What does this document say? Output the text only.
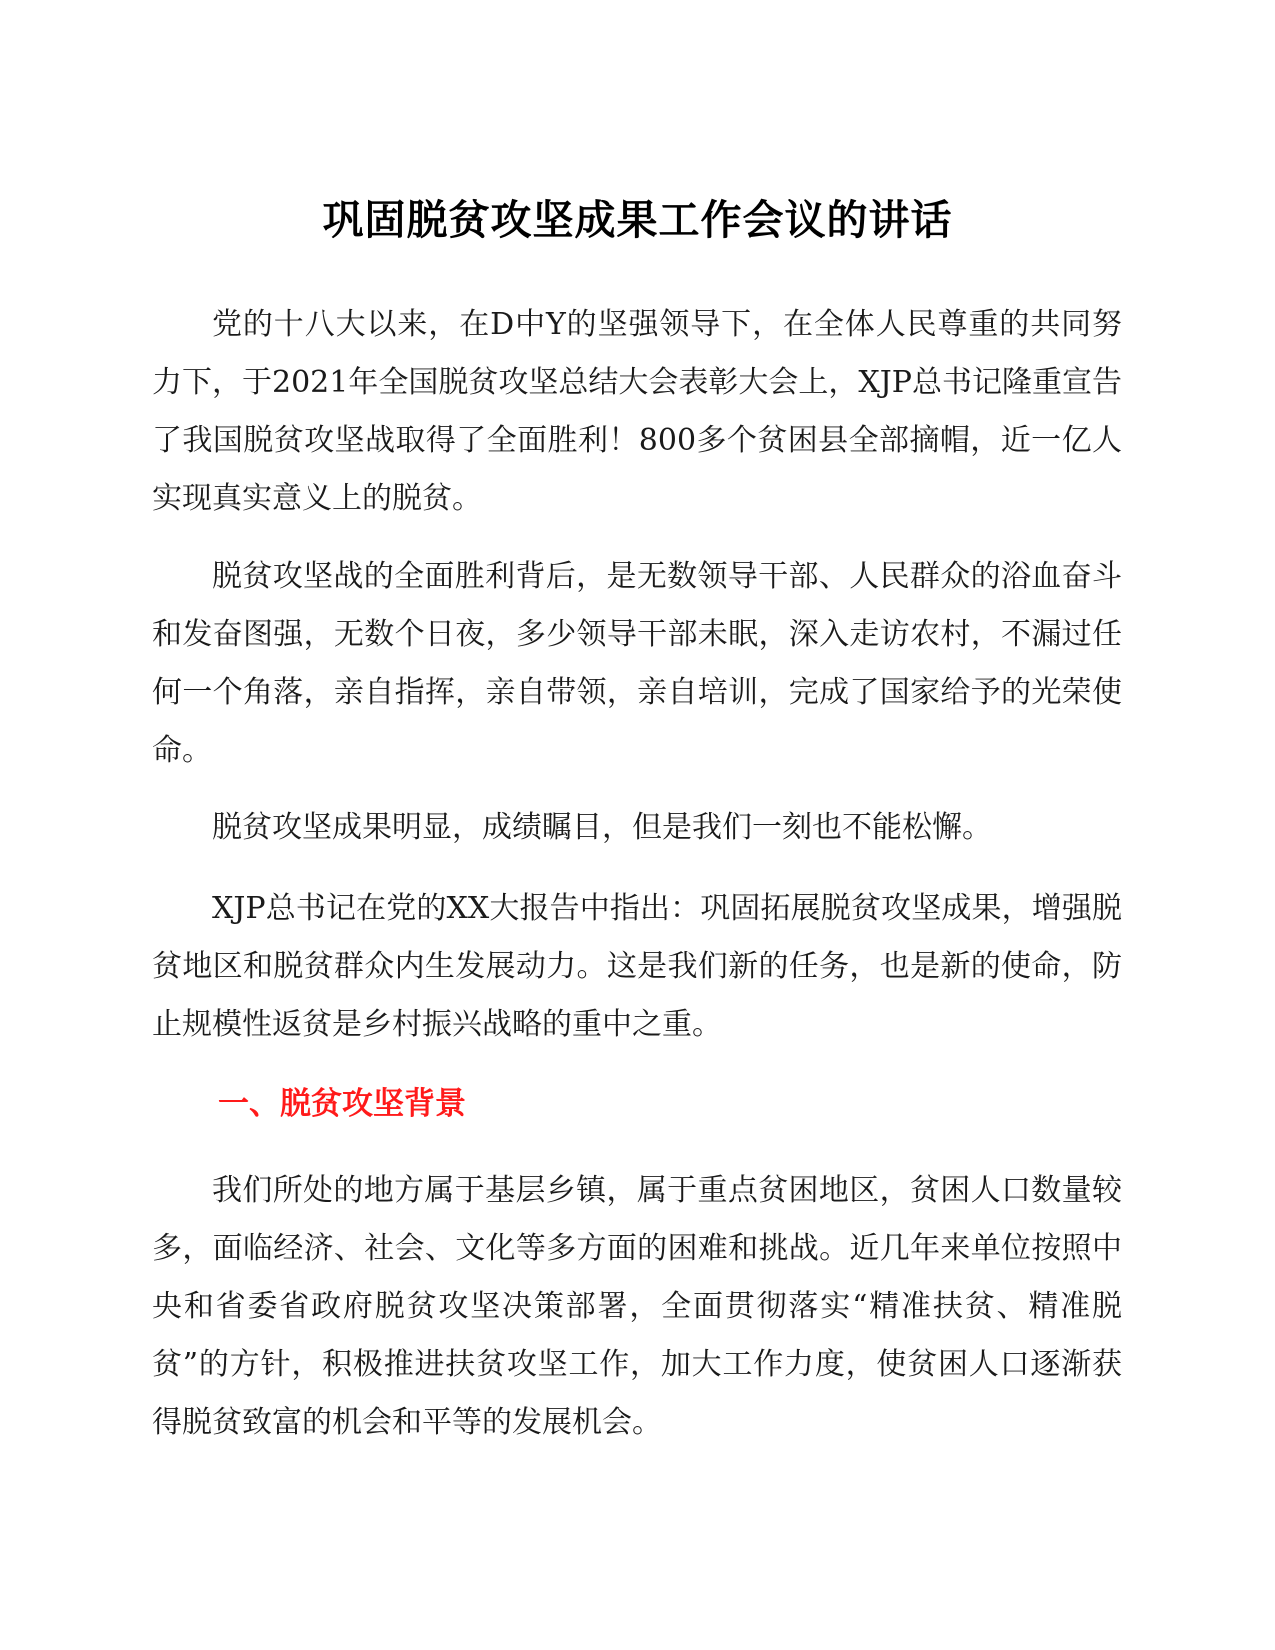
巩固脱贫攻坚成果工作会议的讲话

党的十八大以来，在D中Y的坚强领导下，在全体人民尊重的共同努力下，于2021年全国脱贫攻坚总结大会表彰大会上，XJP总书记隆重宣告了我国脱贫攻坚战取得了全面胜利！800多个贫困县全部摘帽，近一亿人实现真实意义上的脱贫。

脱贫攻坚战的全面胜利背后，是无数领导干部、人民群众的浴血奋斗和发奋图强，无数个日夜，多少领导干部未眠，深入走访农村，不漏过任何一个角落，亲自指挥，亲自带领，亲自培训，完成了国家给予的光荣使命。

脱贫攻坚成果明显，成绩瞩目，但是我们一刻也不能松懈。

XJP总书记在党的XX大报告中指出：巩固拓展脱贫攻坚成果，增强脱贫地区和脱贫群众内生发展动力。这是我们新的任务，也是新的使命，防止规模性返贫是乡村振兴战略的重中之重。

一、脱贫攻坚背景

我们所处的地方属于基层乡镇，属于重点贫困地区，贫困人口数量较多，面临经济、社会、文化等多方面的困难和挑战。近几年来单位按照中央和省委省政府脱贫攻坚决策部署，全面贯彻落实“精准扶贫、精准脱贫”的方针，积极推进扶贫攻坚工作，加大工作力度，使贫困人口逐渐获得脱贫致富的机会和平等的发展机会。
